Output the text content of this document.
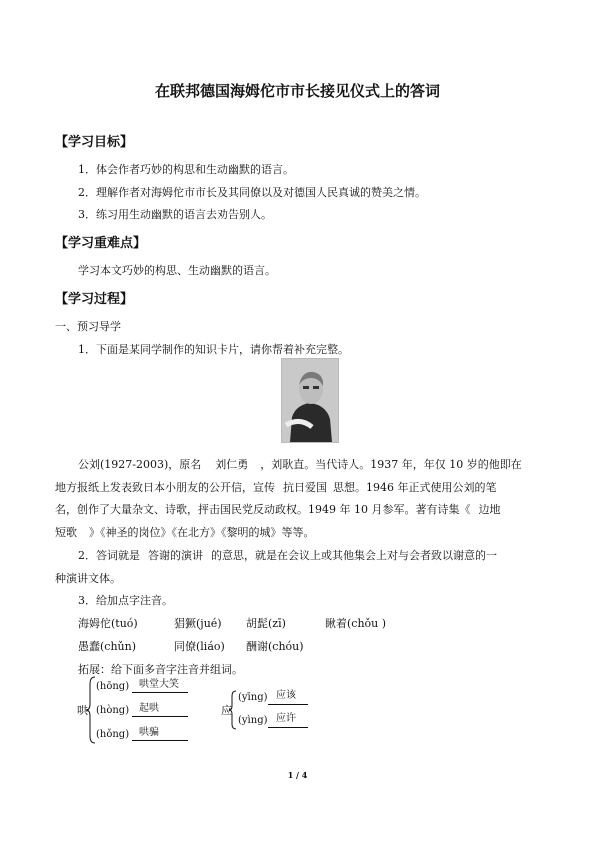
在联邦德国海姆佗市市长接见仪式上的答词
【学习目标】
1．体会作者巧妙的构思和生动幽默的语言。
2．理解作者对海姆佗市市长及其同僚以及对德国人民真诚的赞美之情。
3．练习用生动幽默的语言去劝告别人。
【学习重难点】
学习本文巧妙的构思、生动幽默的语言。
【学习过程】
一、预习导学
1．下面是某同学制作的知识卡片，请你帮着补充完整。
公刘(1927-2003)，原名 刘仁勇 ，刘耿直。当代诗人。1937 年，年仅 10 岁的他即在
地方报纸上发表致日本小朋友的公开信，宣传 抗日爱国 思想。1946 年正式使用公刘的笔
名，创作了大量杂文、诗歌，抨击国民党反动政权。1949 年 10 月参军。著有诗集《 边地
短歌 》《神圣的岗位》《在北方》《黎明的城》等等。
2．答词就是 答谢的演讲 的意思，就是在会议上或其他集会上对与会者致以谢意的一
种演讲文体。
3．给加点字注音。
海姆佗(tuó)	猖獗(jué) 胡髭(zī)	瞅着(chǒu )
愚蠢(chǔn)	同僚(liáo) 酬谢(chóu)
拓展：给下面多音字注音并组词。
哄
(hōng) 哄堂大笑
(hòng) 起哄
(hǒng) 哄骗
应
(yīng) 应该
(yìng) 应许
1 / 4
